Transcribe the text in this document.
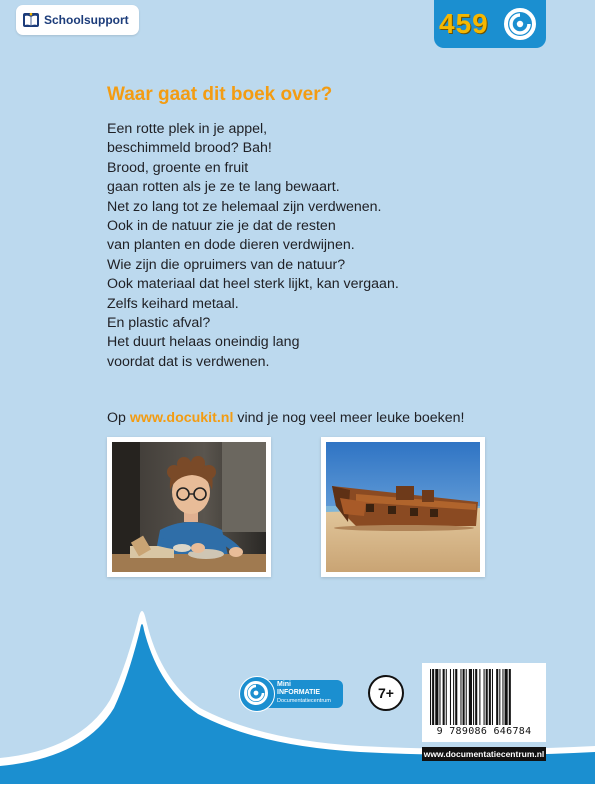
Schoolsupport	459
Waar gaat dit boek over?
Een rotte plek in je appel,
beschimmeld brood? Bah!
Brood, groente en fruit
gaan rotten als je ze te lang bewaart.
Net zo lang tot ze helemaal zijn verdwenen.
Ook in de natuur zie je dat de resten
van planten en dode dieren verdwijnen.
Wie zijn die opruimers van de natuur?
Ook materiaal dat heel sterk lijkt, kan vergaan.
Zelfs keihard metaal.
En plastic afval?
Het duurt helaas oneindig lang
voordat dat is verdwenen.
Op www.docukit.nl vind je nog veel meer leuke boeken!
Mini
INFORMATIE
Documentatiecentrum	7+
9 789086 646784
www.documentatiecentrum.nl
